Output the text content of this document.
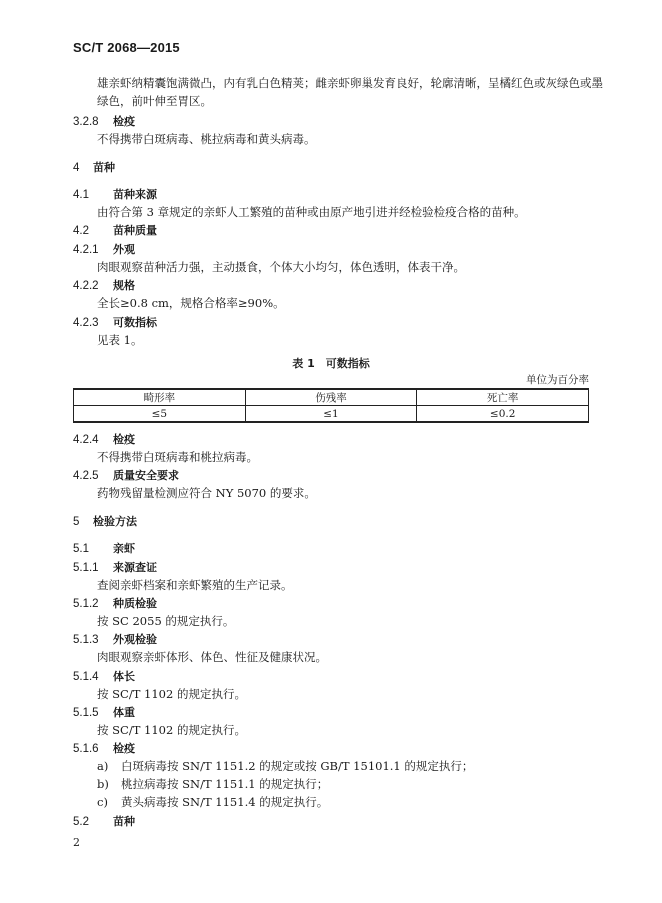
SC/T 2068—2015
雄亲虾纳精囊饱满微凸，内有乳白色精荚；雌亲虾卵巢发育良好，轮廓清晰，呈橘红色或灰绿色或墨
绿色，前叶伸至胃区。
3.2.8 检疫
不得携带白斑病毒、桃拉病毒和黄头病毒。
4 苗种
4.1 苗种来源
由符合第 3 章规定的亲虾人工繁殖的苗种或由原产地引进并经检验检疫合格的苗种。
4.2 苗种质量
4.2.1 外观
肉眼观察苗种活力强，主动摄食，个体大小均匀，体色透明，体表干净。
4.2.2 规格
全长≥0.8 cm，规格合格率≥90%。
4.2.3 可数指标
见表 1。
表 1　可数指标
单位为百分率
畸形率	伤残率	死亡率
≤5	≤1	≤0.2
4.2.4 检疫
不得携带白斑病毒和桃拉病毒。
4.2.5 质量安全要求
药物残留量检测应符合 NY 5070 的要求。
5 检验方法
5.1 亲虾
5.1.1 来源查证
查阅亲虾档案和亲虾繁殖的生产记录。
5.1.2 种质检验
按 SC 2055 的规定执行。
5.1.3 外观检验
肉眼观察亲虾体形、体色、性征及健康状况。
5.1.4 体长
按 SC/T 1102 的规定执行。
5.1.5 体重
按 SC/T 1102 的规定执行。
5.1.6 检疫
a) 白斑病毒按 SN/T 1151.2 的规定或按 GB/T 15101.1 的规定执行；
b) 桃拉病毒按 SN/T 1151.1 的规定执行；
c) 黄头病毒按 SN/T 1151.4 的规定执行。
5.2 苗种
2
